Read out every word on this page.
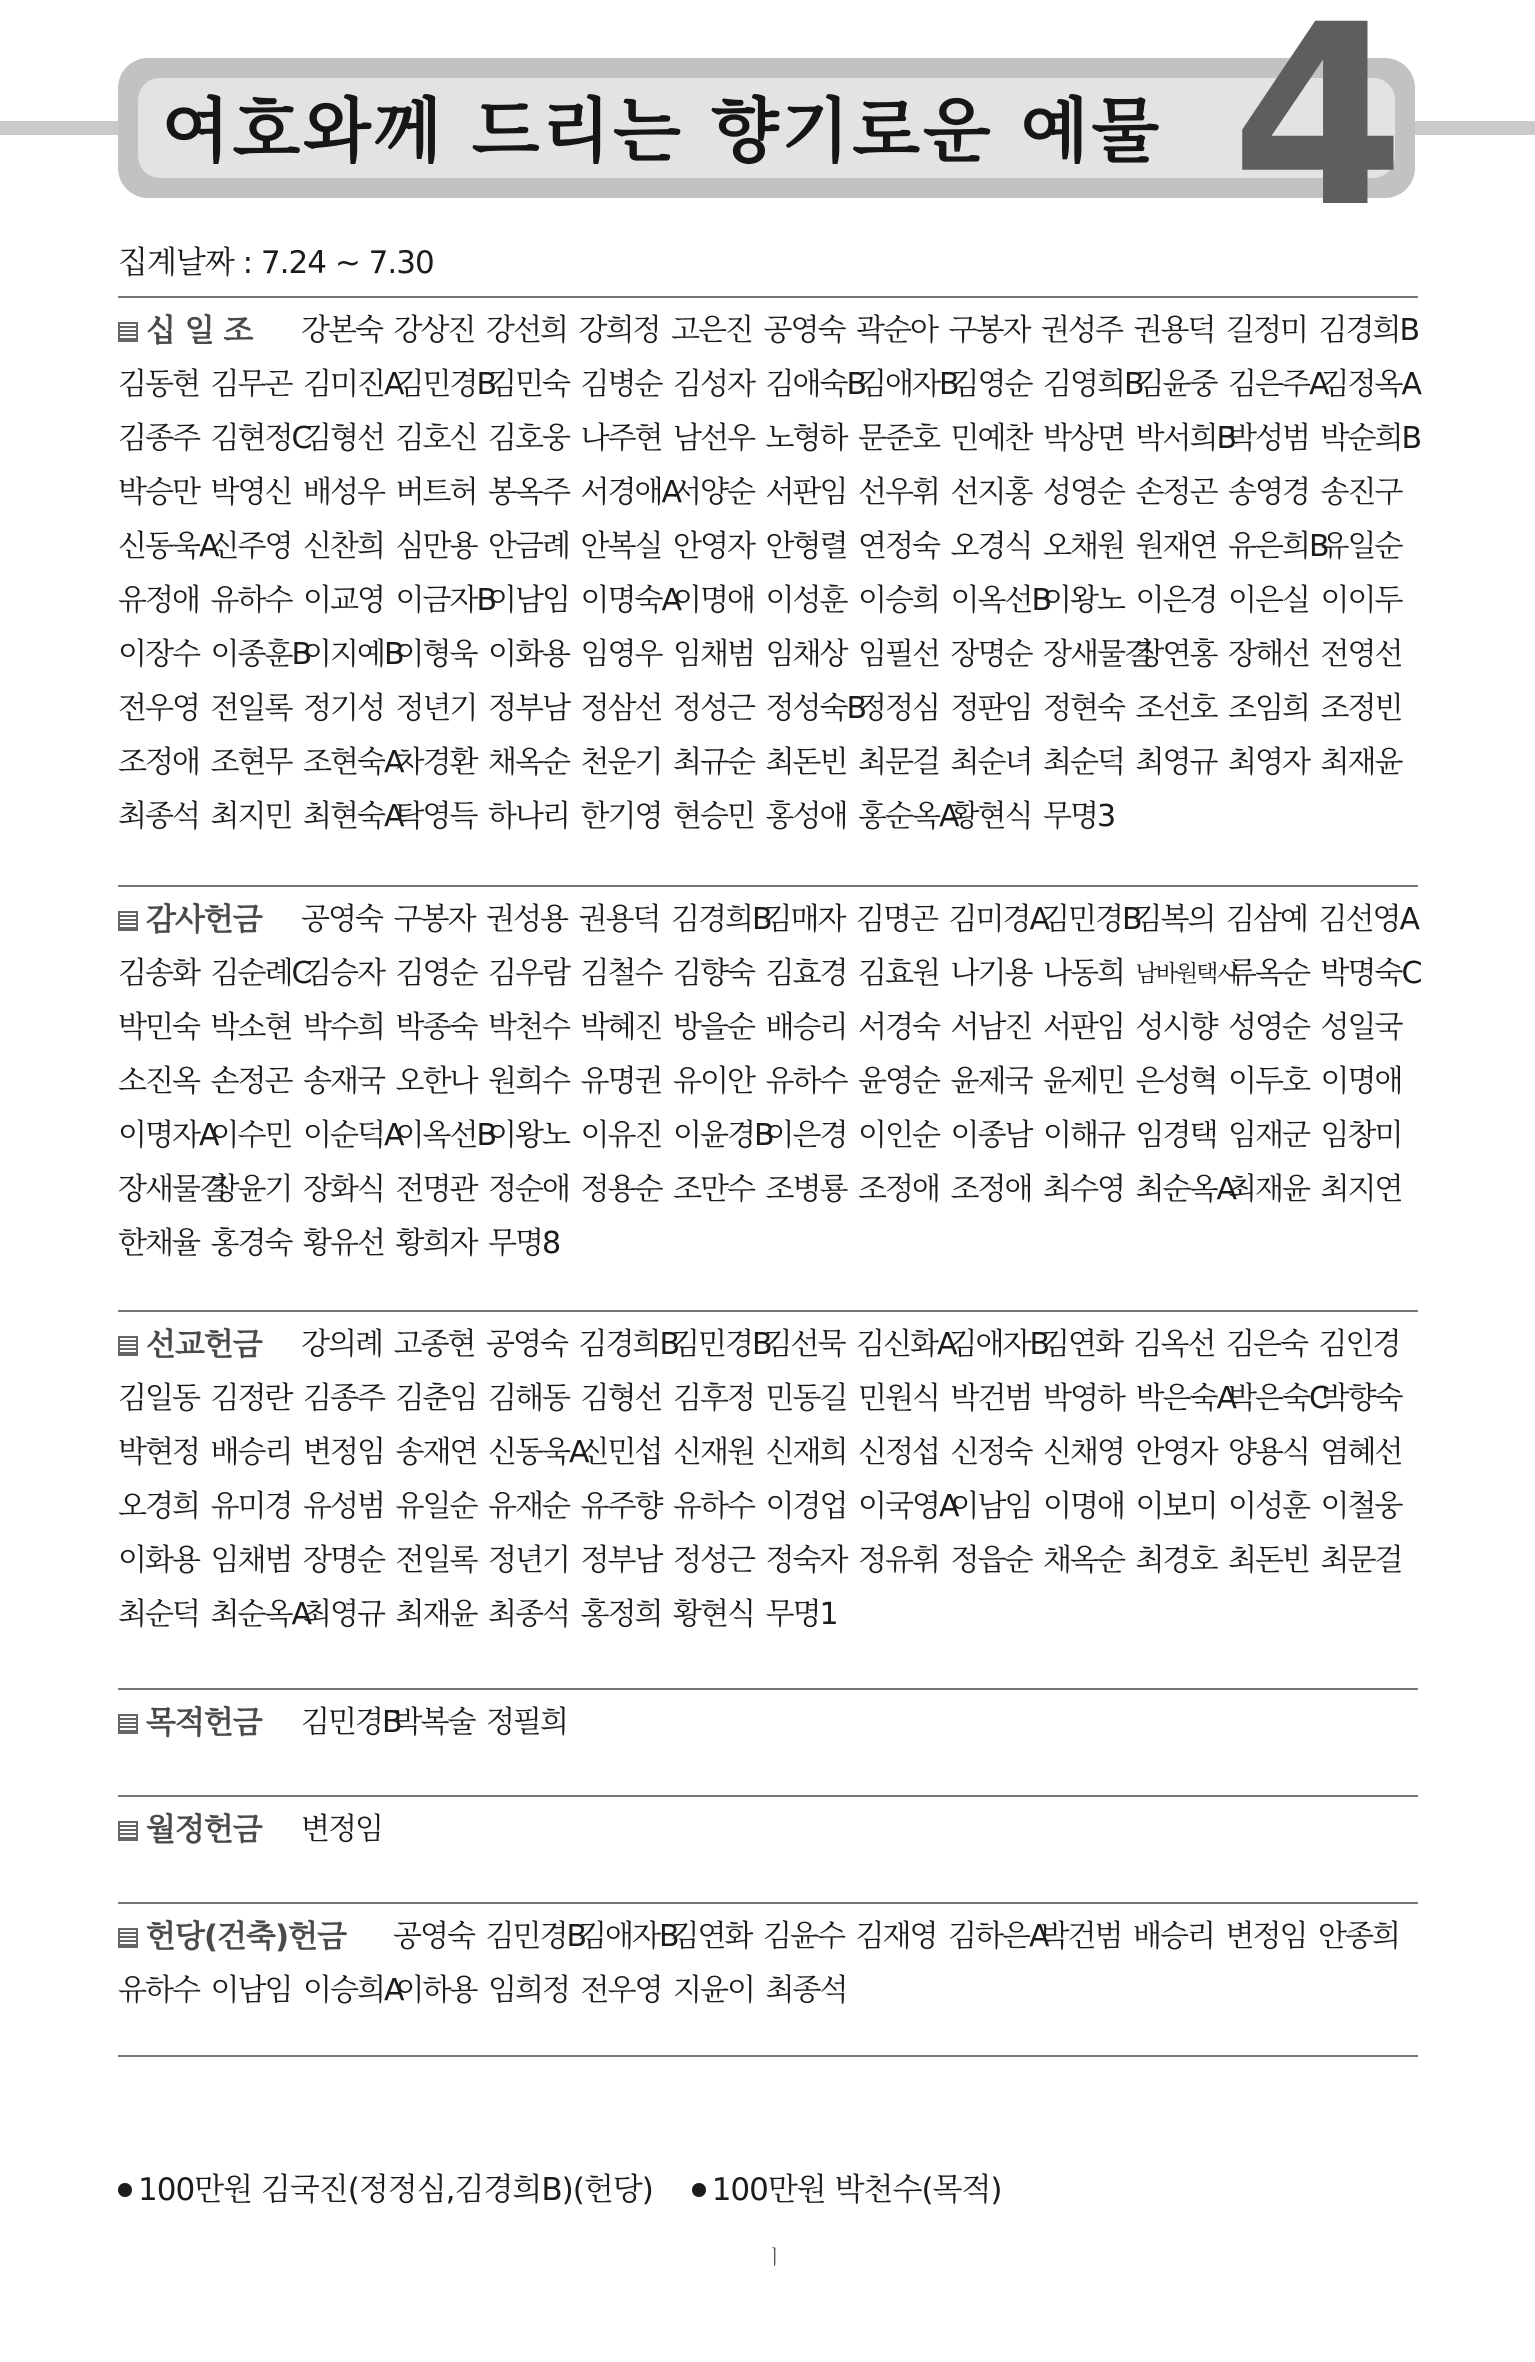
여호와께 드리는 향기로운 예물 4
집계날짜 : 7.24 ~ 7.30
십 일 조	강본숙 강상진 강선희 강희정 고은진 공영숙 곽순아 구봉자 권성주 권용덕 길정미 김경희B
김동현 김무곤 김미진A
김민경B
김민숙 김병순 김성자 김애숙B
김애자B
김영순 김영희B
김윤중 김은주A
김정옥A
김종주 김현정C
김형선 김호신 김호웅 나주현 남선우 노형하 문준호 민예찬 박상면 박서희B
박성범 박순희B
박승만 박영신 배성우 버트허 봉옥주 서경애A
서양순 서판임 선우휘 선지홍 성영순 손정곤 송영경 송진구
신동욱A
신주영 신찬희 심만용 안금례 안복실 안영자 안형렬 연정숙 오경식 오채원 원재연 유은희B
유일순
유정애 유하수 이교영 이금자B
이남임 이명숙A
이명애 이성훈 이승희 이옥선B
이왕노 이은경 이은실 이이두
이장수 이종훈B
이지예B
이형욱 이화용 임영우 임채범 임채상 임필선 장명순 장새물결
장연홍 장해선 전영선
전우영 전일록 정기성 정년기 정부남 정삼선 정성근 정성숙B
정정심 정판임 정현숙 조선호 조임희 조정빈
조정애 조현무 조현숙A
차경환 채옥순 천운기 최규순 최돈빈 최문걸 최순녀 최순덕 최영규 최영자 최재윤
최종석 최지민 최현숙A
탁영득 하나리 한기영 현승민 홍성애 홍순옥A
황현식 무명3
감사헌금	공영숙 구봉자 권성용 권용덕 김경희B
김매자 김명곤 김미경A
김민경B
김복의 김삼예 김선영A
김송화 김순례C
김승자 김영순 김우람 김철수 김향숙 김효경 김효원 나기용 나동희 남바원택시
류옥순 박명숙C
박민숙 박소현 박수희 박종숙 박천수 박혜진 방을순 배승리 서경숙 서남진 서판임 성시향 성영순 성일국
소진옥 손정곤 송재국 오한나 원희수 유명권 유이안 유하수 윤영순 윤제국 윤제민 은성혁 이두호 이명애
이명자A
이수민 이순덕A
이옥선B
이왕노 이유진 이윤경B
이은경 이인순 이종남 이해규 임경택 임재군 임창미
장새물결
장윤기 장화식 전명관 정순애 정용순 조만수 조병룡 조정애 조정애 최수영 최순옥A
최재윤 최지연
한채율 홍경숙 황유선 황희자 무명8
선교헌금	강의례 고종현 공영숙 김경희B
김민경B
김선묵 김신화A
김애자B
김연화 김옥선 김은숙 김인경
김일동 김정란 김종주 김춘임 김해동 김형선 김후정 민동길 민원식 박건범 박영하 박은숙A
박은숙C
박향숙
박현정 배승리 변정임 송재연 신동욱A
신민섭 신재원 신재희 신정섭 신정숙 신채영 안영자 양용식 염혜선
오경희 유미경 유성범 유일순 유재순 유주향 유하수 이경업 이국영A
이남임 이명애 이보미 이성훈 이철웅
이화용 임채범 장명순 전일록 정년기 정부남 정성근 정숙자 정유휘 정읍순 채옥순 최경호 최돈빈 최문걸
최순덕 최순옥A
최영규 최재윤 최종석 홍정희 황현식 무명1
목적헌금	김민경B
박복술 정필희
월정헌금	변정임
헌당(건축)헌금	공영숙 김민경B
김애자B
김연화 김윤수 김재영 김하은A
박건범 배승리 변정임 안종희
유하수 이남임 이승희A
이하용 임희정 전우영 지윤이 최종석
100만원 김국진(정정심,김경희B)(헌당) 100만원 박천수(목적)
ㅣ
